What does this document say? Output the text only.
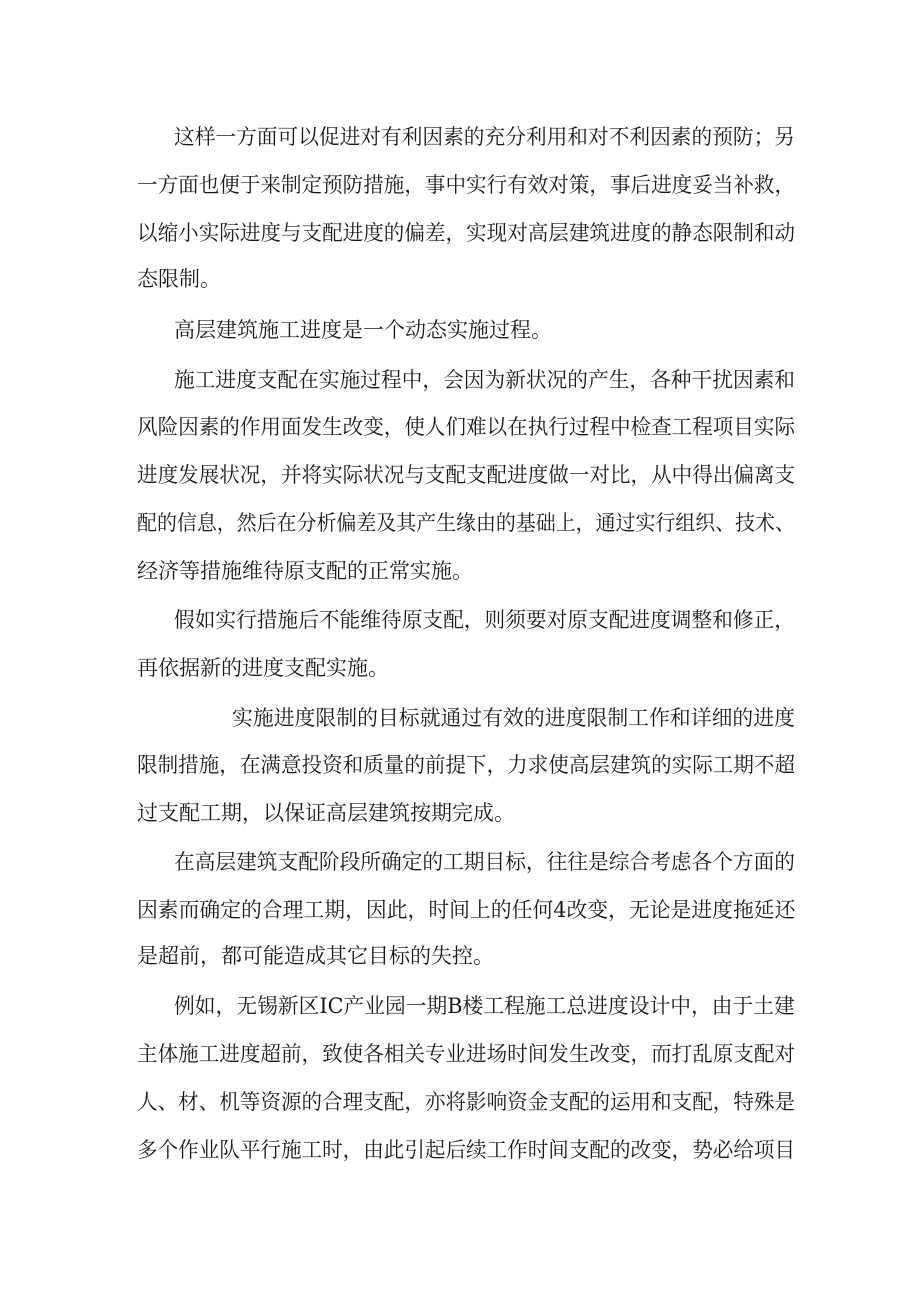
这样一方面可以促进对有利因素的充分利用和对不利因素的预防；另
一方面也便于来制定预防措施，事中实行有效对策，事后进度妥当补救，
以缩小实际进度与支配进度的偏差，实现对高层建筑进度的静态限制和动
态限制。
高层建筑施工进度是一个动态实施过程。
施工进度支配在实施过程中，会因为新状况的产生，各种干扰因素和
风险因素的作用面发生改变，使人们难以在执行过程中检查工程项目实际
进度发展状况，并将实际状况与支配支配进度做一对比，从中得出偏离支
配的信息，然后在分析偏差及其产生缘由的基础上，通过实行组织、技术、
经济等措施维待原支配的正常实施。
假如实行措施后不能维待原支配，则须要对原支配进度调整和修正，
再依据新的进度支配实施。
实施进度限制的目标就通过有效的进度限制工作和详细的进度
限制措施，在满意投资和质量的前提下，力求使高层建筑的实际工期不超
过支配工期，以保证高层建筑按期完成。
在高层建筑支配阶段所确定的工期目标，往往是综合考虑各个方面的
因素而确定的合理工期，因此，时间上的任何4改变，无论是进度拖延还
是超前，都可能造成其它目标的失控。
例如，无锡新区IC产业园一期B楼工程施工总进度设计中，由于土建
主体施工进度超前，致使各相关专业进场时间发生改变，而打乱原支配对
人、材、机等资源的合理支配，亦将影响资金支配的运用和支配，特殊是
多个作业队平行施工时，由此引起后续工作时间支配的改变，势必给项目
